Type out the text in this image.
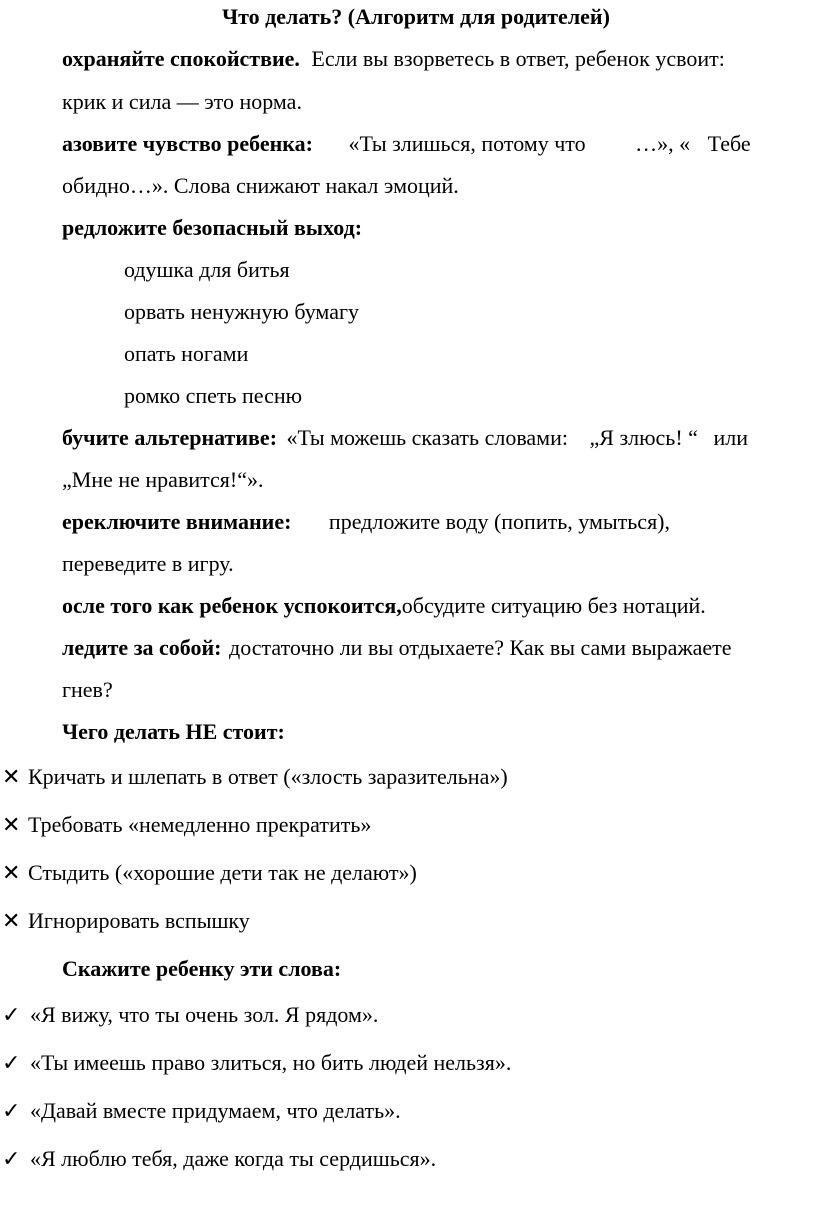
Что делать? (Алгоритм для родителей)
охраняйте спокойствие. Если вы взорветесь в ответ, ребенок усвоит:
крик и сила — это норма.
азовите чувство ребенка: «Ты злишься, потому что …», « Тебе
обидно…». Слова снижают накал эмоций.
редложите безопасный выход:
одушка для битья
орвать ненужную бумагу
опать ногами
ромко спеть песню
бучите альтернативе: «Ты можешь сказать словами: „Я злюсь! “ или
„Мне не нравится!“».
ереключите внимание: предложите воду (попить, умыться),
переведите в игру.
осле того как ребенок успокоится,обсудите ситуацию без нотаций.
ледите за собой: достаточно ли вы отдыхаете? Как вы сами выражаете
гнев?
Чего делать НЕ стоит:
✕ Кричать и шлепать в ответ («злость заразительна»)
✕ Требовать «немедленно прекратить»
✕ Стыдить («хорошие дети так не делают»)
✕ Игнорировать вспышку
Скажите ребенку эти слова:
✓ «Я вижу, что ты очень зол. Я рядом».
✓ «Ты имеешь право злиться, но бить людей нельзя».
✓ «Давай вместе придумаем, что делать».
✓ «Я люблю тебя, даже когда ты сердишься».
